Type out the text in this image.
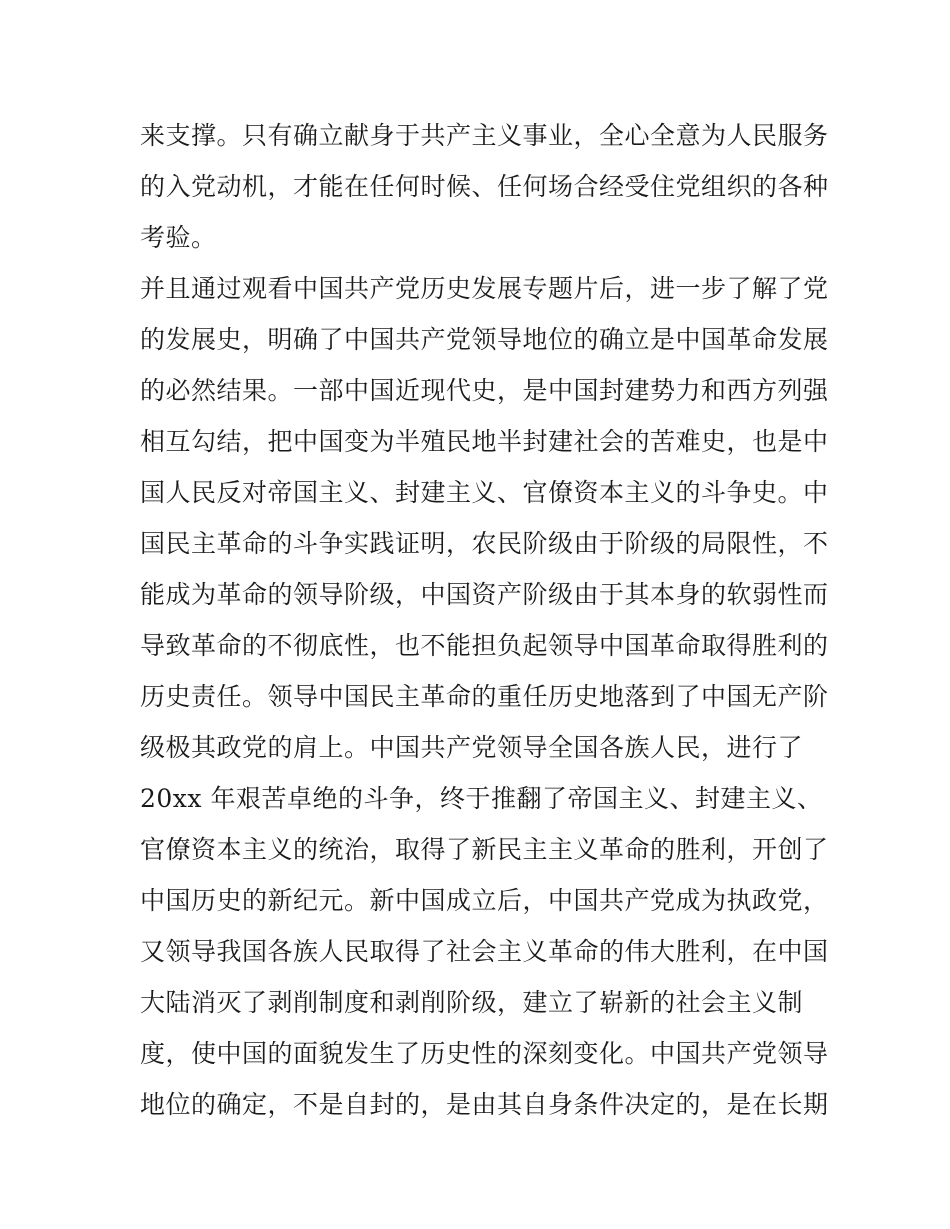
来支撑。只有确立献身于共产主义事业，全心全意为人民服务
的入党动机，才能在任何时候、任何场合经受住党组织的各种
考验。
并且通过观看中国共产党历史发展专题片后，进一步了解了党
的发展史，明确了中国共产党领导地位的确立是中国革命发展
的必然结果。一部中国近现代史，是中国封建势力和西方列强
相互勾结，把中国变为半殖民地半封建社会的苦难史，也是中
国人民反对帝国主义、封建主义、官僚资本主义的斗争史。中
国民主革命的斗争实践证明，农民阶级由于阶级的局限性，不
能成为革命的领导阶级，中国资产阶级由于其本身的软弱性而
导致革命的不彻底性，也不能担负起领导中国革命取得胜利的
历史责任。领导中国民主革命的重任历史地落到了中国无产阶
级极其政党的肩上。中国共产党领导全国各族人民，进行了
20xx 年艰苦卓绝的斗争，终于推翻了帝国主义、封建主义、
官僚资本主义的统治，取得了新民主主义革命的胜利，开创了
中国历史的新纪元。新中国成立后，中国共产党成为执政党，
又领导我国各族人民取得了社会主义革命的伟大胜利，在中国
大陆消灭了剥削制度和剥削阶级，建立了崭新的社会主义制
度，使中国的面貌发生了历史性的深刻变化。中国共产党领导
地位的确定，不是自封的，是由其自身条件决定的，是在长期
